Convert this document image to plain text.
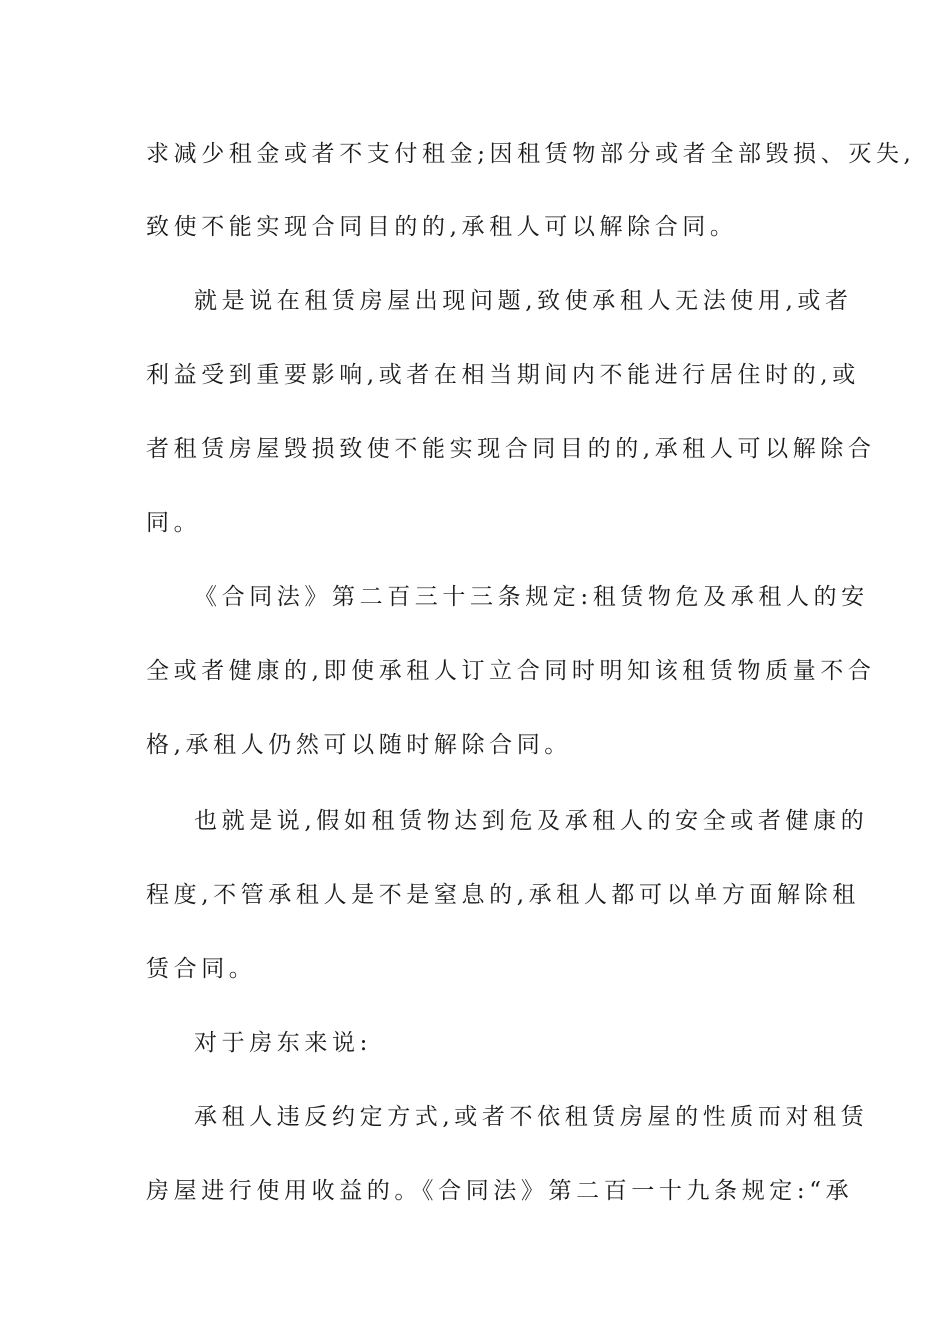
求减少租金或者不支付租金;因租赁物部分或者全部毁损、灭失,
致使不能实现合同目的的,承租人可以解除合同。
就是说在租赁房屋出现问题,致使承租人无法使用,或者
利益受到重要影响,或者在相当期间内不能进行居住时的,或
者租赁房屋毁损致使不能实现合同目的的,承租人可以解除合
同。
《合同法》第二百三十三条规定:租赁物危及承租人的安
全或者健康的,即使承租人订立合同时明知该租赁物质量不合
格,承租人仍然可以随时解除合同。
也就是说,假如租赁物达到危及承租人的安全或者健康的
程度,不管承租人是不是窒息的,承租人都可以单方面解除租
赁合同。
对于房东来说:
承租人违反约定方式,或者不依租赁房屋的性质而对租赁
房屋进行使用收益的。《合同法》第二百一十九条规定:“承
